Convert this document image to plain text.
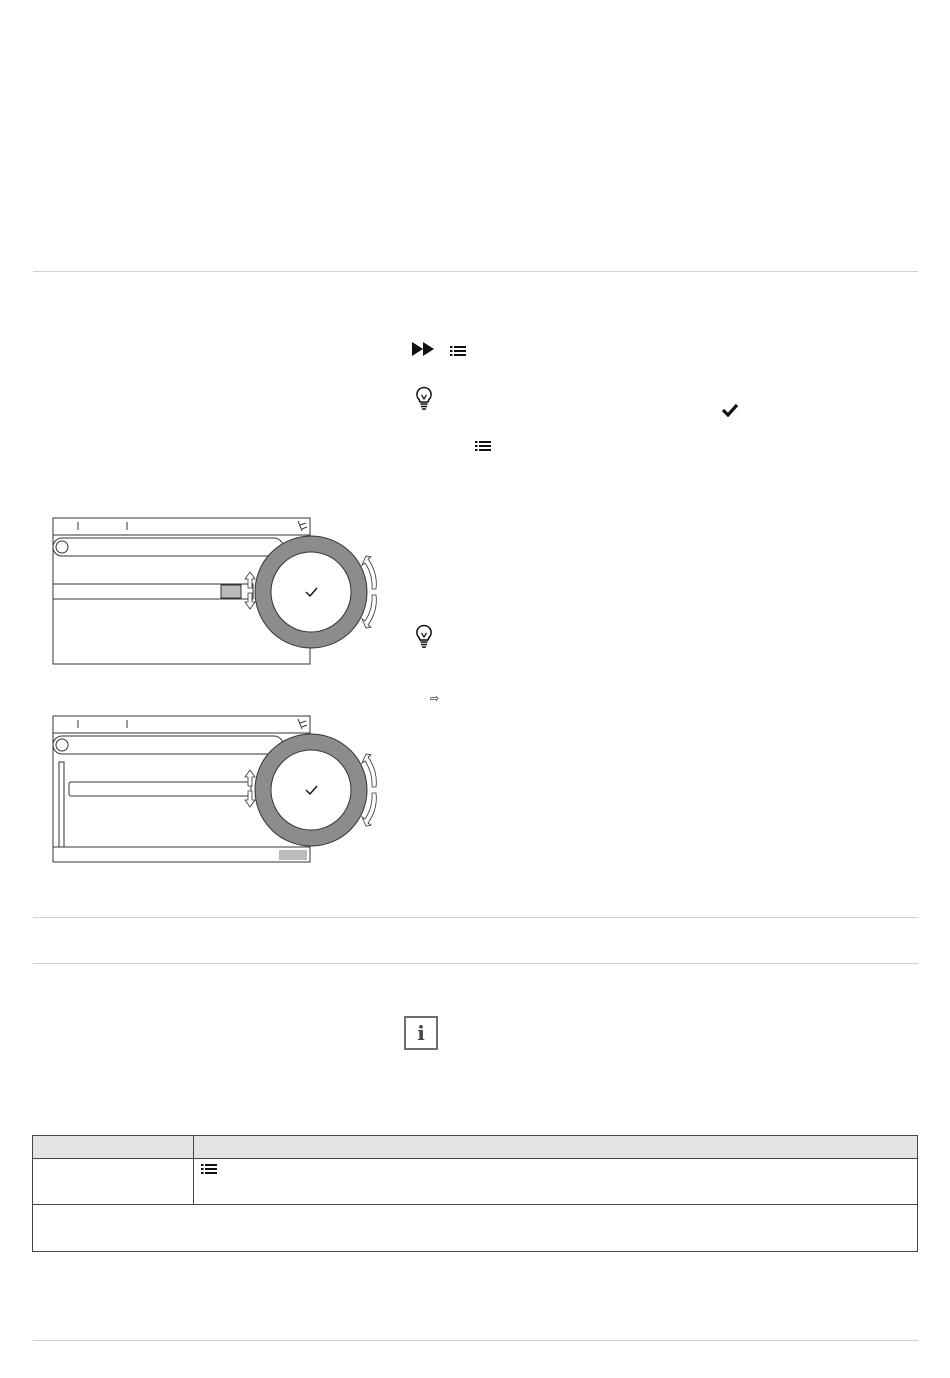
⇨
i
